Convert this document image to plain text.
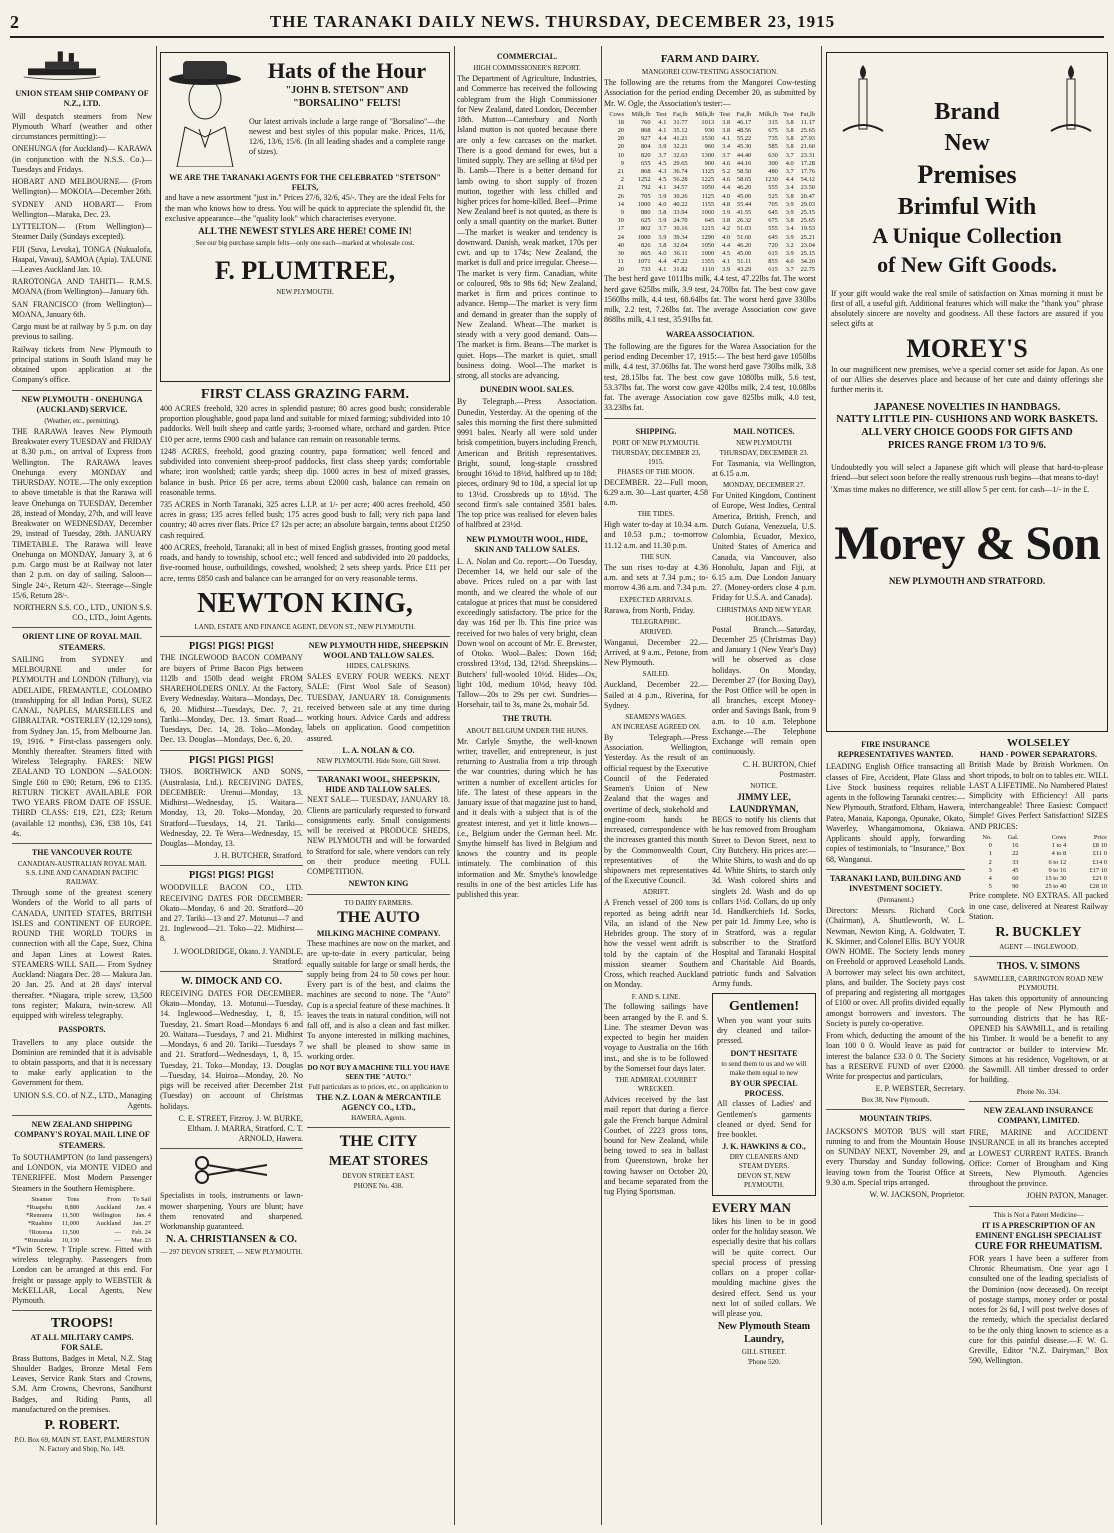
2	THE TARANAKI DAILY NEWS. THURSDAY, DECEMBER 23, 1915
UNION STEAM SHIP COMPANY OF N.Z., LTD.
Will despatch steamers from New Plymouth Wharf (weather and other circumstances permitting):—
ONEHUNGA (for Auckland)— KARAWA (in conjunction with the N.S.S. Co.)—Tuesdays and Fridays.
HOBART AND MELBOURNE— (From Wellington)— MOKOIA—December 26th.
SYDNEY AND HOBART— From Wellington—Maraka, Dec. 23.
LYTTELTON— (From Wellington)— Steamer Daily (Sundays excepted).
FIJI (Suva, Levuka), TONGA (Nukualofa, Haapai, Vavau), SAMOA (Apia). TALUNE—Leaves Auckland Jan. 10.
RAROTONGA AND TAHITI— R.M.S. MOANA (from Wellington)—January 6th.
SAN FRANCISCO (from Wellington)— MOANA, January 6th.
Cargo must be at railway by 5 p.m. on day previous to sailing.
Railway tickets from New Plymouth to principal stations in South Island may be obtained upon application at the Company's office.
NEW PLYMOUTH - ONEHUNGA (AUCKLAND) SERVICE.
(Weather, etc., permitting).
THE RARAWA leaves New Plymouth Breakwater every TUESDAY and FRIDAY at 8.30 p.m., on arrival of Express from Wellington. The RARAWA leaves Onehunga every MONDAY and THURSDAY. NOTE.—The only exception to above timetable is that the Rarawa will leave Onehunga on TUESDAY, December 28, instead of Monday, 27th, and will leave Breakwater on WEDNESDAY, December 29, instead of Tuesday, 28th. JANUARY TIMETABLE. The Rarawa will leave Onehunga on MONDAY, January 3, at 6 p.m. Cargo must be at Railway not later than 2 p.m. on day of sailing. Saloon—Single 24/-, Return 42/-. Steerage—Single 15/6, Return 28/-.
NORTHERN S.S. CO., LTD., UNION S.S. CO., LTD., Joint Agents.
ORIENT LINE OF ROYAL MAIL STEAMERS.
SAILING from SYDNEY and MELBOURNE and under for PLYMOUTH and LONDON (Tilbury), via ADELAIDE, FREMANTLE, COLOMBO (transhipping for all Indian Ports), SUEZ CANAL, NAPLES, MARSEILLES and GIBRALTAR. *OSTERLEY (12,129 tons), from Sydney Jan. 15, from Melbourne Jan. 19, 1916. * First-class passengers only. Monthly thereafter. Steamers fitted with Wireless Telegraphy. FARES: NEW ZEALAND TO LONDON —SALOON: Single £60 to £90; Return, £96 to £135. RETURN TICKET AVAILABLE FOR TWO YEARS FROM DATE OF ISSUE. THIRD CLASS: £19, £21, £23; Return (available 12 months), £36, £38 10s, £41 4s.
THE VANCOUVER ROUTE
CANADIAN-AUSTRALIAN ROYAL MAIL S.S. LINE AND CANADIAN PACIFIC RAILWAY.
Through some of the greatest scenery Wonders of the World to all parts of CANADA, UNITED STATES, BRITISH ISLES and CONTINENT OF EUROPE. ROUND THE WORLD TOURS in connection with all the Cape, Suez, China and Japan Lines at Lowest Rates. STEAMERS WILL SAIL— From Sydney Auckland: Niagara Dec. 28 — Makura Jan. 20 Jan. 25. And at 28 days' interval thereafter. *Niagara, triple screw, 13,500 tons register; Makura, twin-screw. All equipped with wireless telegraphy.
PASSPORTS.
Travellers to any place outside the Dominion are reminded that it is advisable to obtain passports, and that it is necessary to make early application to the Government for them.
UNION S.S. CO. of N.Z., LTD., Managing Agents.
NEW ZEALAND SHIPPING COMPANY'S ROYAL MAIL LINE OF STEAMERS.
To SOUTHAMPTON (to land passengers) and LONDON, via MONTE VIDEO and TENERIFFE. Most Modern Passenger Steamers in the Southern Hemisphere.
Steamer	Tons	From	To Sail
*Ruapehu	8,880	Auckland	Jan. 4
*Remuera	11,500	Wellington	Jan. 4
*Ruahine	11,000	Auckland	Jan. 27
†Rotorua	11,500	—	Feb. 24
*Rimutaka	10,130	—	Mar. 23
*Twin Screw. †Triple screw. Fitted with wireless telegraphy. Passengers from London can be arranged at this end. For freight or passage apply to WEBSTER & McKELLAR, Local Agents, New Plymouth.
TROOPS!
AT ALL MILITARY CAMPS.
FOR SALE.
Brass Buttons, Badges in Metal, N.Z. Stag Shoulder Badges, Bronze Metal Fern Leaves, Service Rank Stars and Crowns, S.M. Arm Crowns, Chevrons, Sandhurst Badges, and Riding Pants, all manufactured on the premises.
P. ROBERT.
P.O. Box 69, MAIN ST. EAST, PALMERSTON N. Factory and Shop, No. 149.
Hats of the Hour
"JOHN B. STETSON" AND
"BORSALINO" FELTS!
Our latest arrivals include a large range of "Borsalino"—the newest and best styles of this popular make. Prices, 11/6, 12/6, 13/6, 15/6. (In all leading shades and a complete range of sizes).
WE ARE THE TARANAKI AGENTS FOR THE CELEBRATED "STETSON" FELTS,
and have a new assortment "just in." Prices 27/6, 32/6, 45/-. They are the ideal Felts for the man who knows how to dress. You will be quick to appreciate the splendid fit, the exclusive appearance—the "quality look" which characterises everyone.
ALL THE NEWEST STYLES ARE HERE! COME IN!
See our big purchase sample felts—only one each—marked at wholesale cost.
F. PLUMTREE,
NEW PLYMOUTH.
FIRST CLASS GRAZING FARM.
400 ACRES freehold, 320 acres in splendid pasture; 80 acres good bush; considerable proportion ploughable, good papa land and suitable for mixed farming; subdivided into 10 paddocks. Well built sheep and cattle yards; 3-roomed whare, orchard and garden. Price £10 per acre, terms £900 cash and balance can remain on reasonable terms.
1248 ACRES, freehold, good grazing country, papa formation; well fenced and subdivided into convenient sheep-proof paddocks, first class sheep yards; comfortable whare; iron woolshed; cattle yards; sheep dip. 1000 acres in best of mixed grasses, balance in bush. Price £6 per acre, terms about £2000 cash, balance can remain on reasonable terms.
735 ACRES in North Taranaki, 325 acres L.I.P. at 1/- per acre; 400 acres freehold, 450 acres in grass; 135 acres felled bush; 175 acres good bush to fall; very rich papa land country; 40 acres river flats. Price £7 12s per acre; an absolute bargain, terms about £1250 cash required.
400 ACRES, freehold, Taranaki; all in best of mixed English grasses, fronting good metal roads, and handy to township, school etc.; well fenced and subdivided into 20 paddocks, five-roomed house, outbuildings, cowshed, woolshed; 2 sets sheep yards. Price £11 per acre, terms £850 cash and balance can be arranged for on very reasonable terms.
NEWTON KING,
LAND, ESTATE AND FINANCE AGENT, DEVON ST., NEW PLYMOUTH.
PIGS! PIGS! PIGS!
THE INGLEWOOD BACON COMPANY are buyers of Prime Bacon Pigs between 112lb and 150lb dead weight FROM SHAREHOLDERS ONLY. At the Factory, Every Wednesday. Waitara—Mondays, Dec. 6, 20. Midhirst—Tuesdays, Dec. 7, 21. Tariki—Monday, Dec. 13. Smart Road—Tuesdays, Dec. 14, 28. Toko—Monday, Dec. 13. Douglas—Mondays, Dec. 6, 20.
PIGS! PIGS! PIGS!
THOS. BORTHWICK AND SONS, (Australasia, Ltd.). RECEIVING DATES, DECEMBER: Urenui—Monday, 13. Midhirst—Wednesday, 15. Waitara—Monday, 13, 20. Toko—Monday, 20. Stratford—Tuesdays, 14, 21. Tariki—Wednesday, 22. Te Wera—Wednesday, 15. Douglas—Monday, 13.
J. H. BUTCHER, Stratford.
PIGS! PIGS! PIGS!
WOODVILLE BACON CO., LTD. RECEIVING DATES FOR DECEMBER: Okato—Monday, 6 and 20. Stratford—20 and 27. Tariki—13 and 27. Motunui—7 and 21. Inglewood—21. Toko—22. Midhirst—8.
J. WOOLDRIDGE, Okato. J. YANDLE, Stratford.
W. DIMOCK AND CO.
RECEIVING DATES FOR DECEMBER. Okato—Monday, 13. Motunui—Tuesday, 14. Inglewood—Wednesday, 1, 8, 15. Tuesday, 21. Smart Road—Mondays 6 and 20. Waitara—Tuesdays, 7 and 21. Midhirst—Mondays, 6 and 20. Tariki—Tuesdays 7 and 21. Stratford—Wednesdays, 1, 8, 15. Tuesday, 21. Toko—Monday, 13. Douglas—Tuesday, 14. Huiroa—Monday, 20. No pigs will be received after December 21st (Tuesday) on account of Christmas holidays.
C. E. STREET, Fitzroy. J. W. BURKE, Eltham. J. MARRA, Stratford. C. T. ARNOLD, Hawera.
Specialists in tools, instruments or lawn-mower sharpening. Yours are blunt; have them renovated and sharpened. Workmanship guaranteed.
N. A. CHRISTIANSEN & CO.
— 297 DEVON STREET, — NEW PLYMOUTH.
NEW PLYMOUTH HIDE, SHEEPSKIN WOOL AND TALLOW SALES.
HIDES, CALFSKINS.
SALES EVERY FOUR WEEKS. NEXT SALE: (First Wool Sale of Season) TUESDAY, JANUARY 18. Consignments received between sale at any time during working hours. Advice Cards and address labels on application. Good competition assured.
L. A. NOLAN & CO.
NEW PLYMOUTH. Hide Store, Gill Street.
TARANAKI WOOL, SHEEPSKIN, HIDE AND TALLOW SALES.
NEXT SALE— TUESDAY, JANUARY 18. Clients are particularly requested to forward consignments early. Small consignments will be received at PRODUCE SHEDS, NEW PLYMOUTH and will be forwarded to Stratford for sale, where vendors can rely on their produce meeting FULL COMPETITION.
NEWTON KING
TO DAIRY FARMERS.
THE AUTO
MILKING MACHINE COMPANY.
These machines are now on the market, and are up-to-date in every particular, being equally suitable for large or small herds, the supply being from 24 to 50 cows per hour. Every part is of the best, and claims the machines are second to none. The "Auto" Cup is a special feature of these machines. It leaves the teats in natural condition, will not fall off, and is also a clean and fast milker. To anyone interested in milking machines, we shall be pleased to show same in working order.
DO NOT BUY A MACHINE TILL YOU HAVE SEEN THE "AUTO."
Full particulars as to prices, etc., on application to
THE N.Z. LOAN & MERCANTILE AGENCY CO., LTD.,
HAWERA, Agents.
THE CITY
MEAT STORES
DEVON STREET EAST.
PHONE No. 438.
COMMERCIAL.
HIGH COMMISSIONER'S REPORT.
The Department of Agriculture, Industries, and Commerce has received the following cablegram from the High Commissioner for New Zealand, dated London, December 18th. Mutton—Canterbury and North Island mutton is not quoted because there are only a few carcases on the market. There is a good demand for ewes, but a limited supply. They are selling at 6½d per lb. Lamb—There is a better demand for lamb owing to short supply of frozen mutton, together with less chilled and higher prices for home-killed. Beef—Prime New Zealand beef is not quoted, as there is only a small quantity on the market. Butter—The market is weaker and tendency is downward. Danish, weak market, 170s per cwt. and up to 174s; New Zealand, the market is dull and price irregular. Cheese—The market is very firm. Canadian, white or coloured, 98s to 98s 6d; New Zealand, market is firm and prices continue to advance. Hemp—The market is very firm and demand in greater than the supply of New Zealand. Wheat—The market is steady with a very good demand. Oats—The market is firm. Beans—The market is quiet. Hops—The market is quiet, small business doing. Wool—The market is strong, all stocks are advancing.
DUNEDIN WOOL SALES.
By Telegraph.—Press Association. Dunedin, Yesterday. At the opening of the sales this morning the first there submitted 9991 bales. Nearly all were sold under brisk competition, buyers including French, American and British representatives. Bright, sound, long-staple crossbred brought 16¼d to 18½d, halfbred up to 18d; pieces, ordinary 9d to 10d, a special lot up to 13½d. Crossbreds up to 18½d. The second firm's sale contained 3581 bales. The top price was realised for eleven bales of halfbred at 23½d.
NEW PLYMOUTH WOOL, HIDE, SKIN AND TALLOW SALES.
L. A. Nolan and Co. report:—On Tuesday, December 14, we held our sale of the above. Prices ruled on a par with last month, and we cleared the whole of our catalogue at prices that must be considered exceedingly satisfactory. The price for the day was 16d per lb. This fine price was received for two bales of very bright, clean Down wool on account of Mr. E. Brewster, of Otoko. Wool—Bales: Down 16d; crossbred 13½d, 13d, 12½d. Sheepskins—Butchers' full-wooled 10½d. Hides—Ox, light 10d, medium 10½d, heavy 10d. Tallow—20s to 29s per cwt. Sundries—Horsehair, tail to 3s, mane 2s, mohair 5d.
THE TRUTH.
ABOUT BELGIUM UNDER THE HUNS.
Mr. Carlyle Smythe, the well-known writer, traveller, and entrepreneur, is just returning to Australia from a trip through the war countries, during which he has written a number of excellent articles for life. The latest of these appears in the January issue of that magazine just to hand, and it deals with a subject that is of the greatest interest, and yet it little known—i.e., Belgium under the German heel. Mr. Smythe himself has lived in Belgium and knows the country and its people intimately. The combination of this information and Mr. Smythe's knowledge results in one of the best articles Life has published this year.
FARM AND DAIRY.
MANGOREI COW-TESTING ASSOCIATION.
The following are the returns from the Mangorei Cow-testing Association for the period ending December 20, as submitted by Mr. W. Ogle, the Association's tester:—
Cows	Milk,lb	Test	Fat,lb	Milk,lb	Test	Fat,lb	Milk,lb	Test	Fat,lb
18	760	4.1	31.77	1013	3.8	46.17	315	3.8	11.17
20	868	4.1	35.12	930	3.8	48.56	675	3.8	25.65
20	927	4.4	41.21	1530	4.1	55.22	735	3.8	27.93
20	804	3.9	32.21	960	3.4	45.30	585	3.8	21.60
10	820	3.7	32.63	1300	3.7	44.40	630	3.7	23.31
9	655	4.5	29.65	900	4.6	44.16	300	4.0	17.28
21	868	4.3	36.74	1125	5.2	58.50	480	3.7	17.76
2	1252	4.5	56.28	1225	4.6	58.65	1230	4.4	54.12
21	792	4.1	34.57	1050	4.4	46.20	555	3.4	23.50
26	705	3.9	30.26	1125	4.0	45.00	525	3.8	20.47
14	1000	4.0	40.22	1155	4.8	55.44	705	3.9	29.03
9	880	3.8	33.94	1060	3.9	41.55	645	3.9	25.15
10	625	3.9	24.70	645	3.8	26.32	675	3.8	25.65
17	802	3.7	30.16	1215	4.2	51.03	555	3.4	19.53
24	1000	3.9	39.34	1290	4.0	51.60	645	3.9	25.21
40	826	3.8	32.04	1050	4.4	46.20	720	3.2	23.04
30	865	4.0	36.11	1000	4.5	45.00	615	3.9	25.15
11	1071	4.4	47.22	1355	4.1	51.11	855	4.0	34.20
20	733	4.1	31.82	1110	3.9	43.29	615	3.7	22.75
The best herd gave 1011lbs milk, 4.4 test, 47.22lbs fat. The worst herd gave 625lbs milk, 3.9 test, 24.70lbs fat. The best cow gave 1560lbs milk, 4.4 test, 68.64lbs fat. The worst herd gave 330lbs milk, 2.2 test, 7.26lbs fat. The average Association cow gave 868lbs milk, 4.1 test, 35.91lbs fat.
WAREA ASSOCIATION.
The following are the figures for the Warea Association for the period ending December 17, 1915:— The best herd gave 1050lbs milk, 4.4 test, 37.06lbs fat. The worst herd gave 730lbs milk, 3.8 test, 28.15lbs fat. The best cow gave 1080lbs milk, 5.6 test, 53.37lbs fat. The worst cow gave 420lbs milk, 2.4 test, 10.08lbs fat. The average Association cow gave 825lbs milk, 4.0 test, 33.23lbs fat.
SHIPPING.
PORT OF NEW PLYMOUTH.
THURSDAY, DECEMBER 23, 1915.
PHASES OF THE MOON.
DECEMBER. 22—Full moon, 6.29 a.m. 30—Last quarter, 4.58 a.m.
THE TIDES.
High water to-day at 10.34 a.m. and 10.53 p.m.; to-morrow 11.12 a.m. and 11.30 p.m.
THE SUN.
The sun rises to-day at 4.36 a.m. and sets at 7.34 p.m.; to-morrow 4.36 a.m. and 7.34 p.m.
EXPECTED ARRIVALS.
Rarawa, from North, Friday.
TELEGRAPHIC.
ARRIVED.
Wanganui, December 22.—Arrived, at 9 a.m., Petone, from New Plymouth.
SAILED.
Auckland, December 22.—Sailed at 4 p.m., Riverina, for Sydney.
SEAMEN'S WAGES.
AN INCREASE AGREED ON.
By Telegraph.—Press Association. Wellington, Yesterday. As the result of an official request by the Executive Council of the Federated Seamen's Union of New Zealand that the wages and overtime of deck, stokehold and engine-room hands be increased, correspondence with the increases granted this month by the Commonwealth Court, representatives of the shipowners met representatives of the Executive Council.
ADRIFT.
A French vessel of 200 tons is reported as being adrift near Vila, an island of the New Hebrides group. The story of how the vessel went adrift is told by the captain of the mission steamer Southern Cross, which reached Auckland on Monday.
F. AND S. LINE.
The following sailings have been arranged by the F. and S. Line. The steamer Devon was expected to begin her maiden voyage to Australia on the 16th inst., and she is to be followed by the Somerset four days later.
THE ADMIRAL COURBET WRECKED.
Advices received by the last mail report that during a fierce gale the French barque Admiral Courbet, of 2223 gross tons, bound for New Zealand, while being towed to sea in ballast from Queenstown, broke her towing hawser on October 20, and became separated from the tug Flying Sportsman.
MAIL NOTICES.
NEW PLYMOUTH
THURSDAY, DECEMBER 23.
For Tasmania, via Wellington, at 6.15 a.m.
MONDAY, DECEMBER 27.
For United Kingdom, Continent of Europe, West Indies, Central America, British, French, and Dutch Guiana, Venezuela, U.S. Colombia, Ecuador, Mexico, United States of America and Canada, via Vancouver, also Honolulu, Japan and Fiji, at 6.15 a.m. Due London January 27. (Money-orders close 4 p.m. Friday for U.S.A. and Canada).
CHRISTMAS AND NEW YEAR HOLIDAYS.
Postal Branch.—Saturday, December 25 (Christmas Day) and January 1 (New Year's Day) will be observed as close holidays. On Monday, December 27 (for Boxing Day), the Post Office will be open in all branches, except Money-order and Savings Bank, from 9 a.m. to 10 a.m. Telephone Exchange.—The Telephone Exchange will remain open continuously.
C. H. BURTON, Chief Postmaster.
NOTICE.
JIMMY LEE, LAUNDRYMAN,
BEGS to notify his clients that he has removed from Brougham Street to Devon Street, next to City Butchery. His prices are:— White Shirts, to wash and do up 4d. White Shirts, to starch only 3d. Wash colored shirts and singlets 2d. Wash and do up collars 1½d. Collars, do up only 1d. Handkerchiefs 1d. Socks, per pair 1d. Jimmy Lee, who is in Stratford, was a regular subscriber to the Stratford Hospital and Taranaki Hospital and Charitable Aid Boards, patriotic funds and Salvation Army funds.
Gentlemen!
When you want your suits dry cleaned and tailor-pressed.
DON'T HESITATE
to send them to us and we will make them equal to new
BY OUR SPECIAL PROCESS.
All classes of Ladies' and Gentlemen's garments cleaned or dyed. Send for free booklet.
J. K. HAWKINS & CO.,
DRY CLEANERS AND STEAM DYERS.
DEVON ST, NEW PLYMOUTH.
EVERY MAN
likes his linen to be in good order for the holiday season. We especially desire that his collars will be quite correct. Our special process of pressing collars on a proper collar-moulding machine gives the desired effect. Send us your next lot of soiled collars. We will please you.
New Plymouth Steam Laundry,
GILL STREET.
'Phone 520.
Brand
New
Premises
Brimful With
A Unique Collection
of New Gift Goods.
If your gift would wake the real smile of satisfaction on Xmas morning it must be first of all, a useful gift. Additional features which will make the "thank you" phrase absolutely sincere are novelty and goodness. All these factors are assured if you select gifts at
MOREY'S
In our magnificent new premises, we've a special corner set aside for Japan. As one of our Allies she deserves place and because of her cute and dainty offerings she further merits it.
JAPANESE NOVELTIES IN HANDBAGS.
NATTY LITTLE PIN- CUSHIONS AND WORK BASKETS.
ALL VERY CHOICE GOODS FOR GIFTS AND
PRICES RANGE FROM 1/3 TO 9/6.
Undoubtedly you will select a Japanese gift which will please that hard-to-please friend—but select soon before the really strenuous rush begins—that means to-day!
'Xmas time makes no difference, we still allow 5 per cent. for cash—1/- in the £.
Morey & Son
NEW PLYMOUTH AND STRATFORD.
FIRE INSURANCE REPRESENTATIVES WANTED.
LEADING English Office transacting all classes of Fire, Accident, Plate Glass and Live Stock business requires reliable agents in the following Taranaki centres:— New Plymouth, Stratford, Eltham, Hawera, Patea, Manaia, Kaponga, Opunake, Okato, Waverley, Whangamomona, Okaiawa. Applicants should apply, forwarding copies of testimonials, to "Insurance," Box 68, Wanganui.
TARANAKI LAND, BUILDING AND INVESTMENT SOCIETY.
(Permanent.)
Directors: Messrs. Richard Cock (Chairman), A. Shuttleworth, W. L. Newman, Newton King, A. Goldwater, T. K. Skinner, and Colonel Ellis. BUY YOUR OWN HOME. The Society lends money on Freehold or approved Leasehold Lands. A borrower may select his own architect, plans, and builder. The Society pays cost of preparing and registering all mortgages of £100 or over. All profits divided equally amongst borrowers and investors. The Society is purely co-operative.
From which, deducting the amount of the loan 100 0 0. Would leave as paid for interest the balance £33 0 0. The Society has a RESERVE FUND of over £2000. Write for prospectus and particulars,
E. P. WEBSTER, Secretary.
Box 38, New Plymouth.
MOUNTAIN TRIPS.
JACKSON'S MOTOR 'BUS will start running to and from the Mountain House on SUNDAY NEXT, November 29, and every Thursday and Sunday following, leaving town from the Tourist Office at 9.30 a.m. Special trips arranged.
W. W. JACKSON, Proprietor.
WOLSELEY
HAND - POWER SEPARATORS.
British Made by British Workmen. On short tripods, to bolt on to tables etc. WILL LAST A LIFETIME. No Numbered Plates! Simplicity with Efficiency! All parts interchangeable! Three Easiest: Compact! Simple! Gives Perfect Satisfaction! SIZES AND PRICES:
No.	Gal.	Cows	Price
0	16	1 to 4	£8 10
1	22	4 to 8	£11 0
2	33	6 to 12	£14 0
3	45	9 to 16	£17 10
4	60	15 to 30	£21 0
5	90	25 to 40	£28 10
Price complete. NO EXTRAS. All packed in one case, delivered at Nearest Railway Station.
R. BUCKLEY
AGENT — INGLEWOOD.
THOS. V. SIMONS
SAWMILLER, CARRINGTON ROAD NEW PLYMOUTH.
Has taken this opportunity of announcing to the people of New Plymouth and surrounding districts that he has RE-OPENED his SAWMILL, and is retailing his Timber. It would be a benefit to any contractor or builder to interview Mr. Simons at his residence, Vogeltown, or at the Sawmill. All timber dressed to order for building.
Phone No. 334.
NEW ZEALAND INSURANCE COMPANY, LIMITED.
FIRE, MARINE and ACCIDENT INSURANCE in all its branches accepted at LOWEST CURRENT RATES. Branch Office: Corner of Brougham and King Streets, New Plymouth. Agencies throughout the province.
JOHN PATON, Manager.
This is Not a Patent Medicine—
IT IS A PRESCRIPTION OF AN EMINENT ENGLISH SPECIALIST
CURE FOR RHEUMATISM.
FOR years I have been a sufferer from Chronic Rheumatism. One year ago I consulted one of the leading specialists of the Dominion (now deceased). On receipt of postage stamps, money order or postal notes for 2s 6d, I will post twelve doses of the remedy, which the specialist declared to be the only thing known to science as a cure for this painful disease.—F. W. G. Greville, Editor "N.Z. Dairyman," Box 590, Wellington.
